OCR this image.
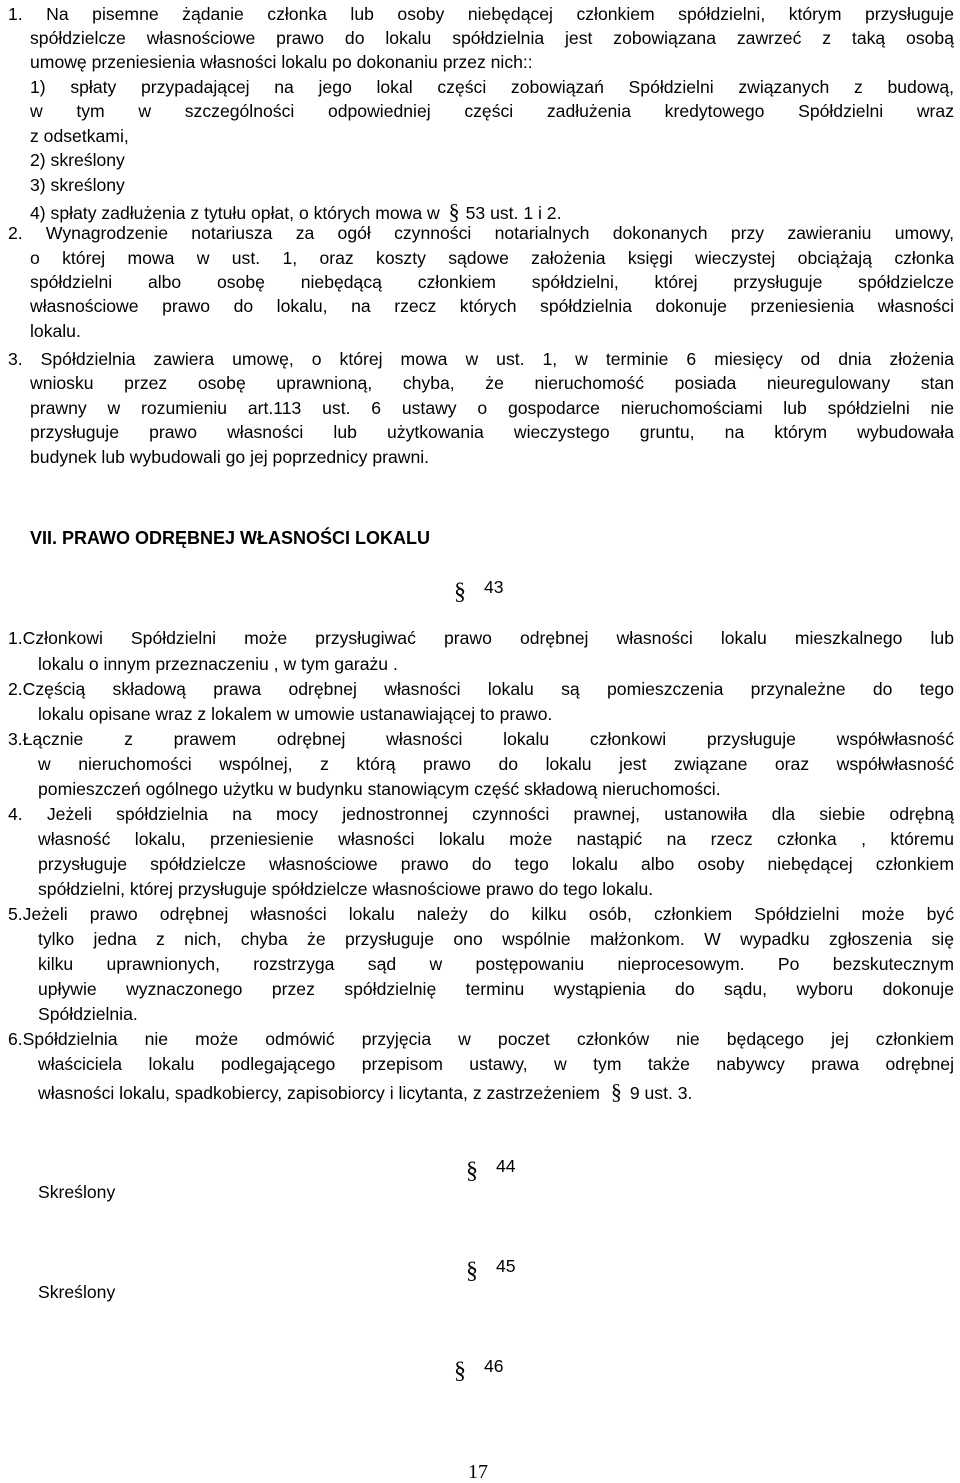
1. Na pisemne żądanie członka lub osoby niebędącej członkiem spółdzielni, którym przysługuje
spółdzielcze własnościowe prawo do lokalu spółdzielnia jest zobowiązana zawrzeć z taką osobą
umowę przeniesienia własności lokalu po dokonaniu przez nich::
1) spłaty przypadającej na jego lokal części zobowiązań Spółdzielni związanych z budową,
w tym w szczególności odpowiedniej części zadłużenia kredytowego Spółdzielni wraz
z odsetkami,
2) skreślony
3) skreślony
4) spłaty zadłużenia z tytułu opłat, o których mowa w § 53 ust. 1 i 2.
2. Wynagrodzenie notariusza za ogół czynności notarialnych dokonanych przy zawieraniu umowy,
o której mowa w ust. 1, oraz koszty sądowe założenia księgi wieczystej obciążają członka
spółdzielni albo osobę niebędącą członkiem spółdzielni, której przysługuje spółdzielcze
własnościowe prawo do lokalu, na rzecz których spółdzielnia dokonuje przeniesienia własności
lokalu.
3. Spółdzielnia zawiera umowę, o której mowa w ust. 1, w terminie 6 miesięcy od dnia złożenia
wniosku przez osobę uprawnioną, chyba, że nieruchomość posiada nieuregulowany stan
prawny w rozumieniu art.113 ust. 6 ustawy o gospodarce nieruchomościami lub spółdzielni nie
przysługuje prawo własności lub użytkowania wieczystego gruntu, na którym wybudowała
budynek lub wybudowali go jej poprzednicy prawni.
VII. PRAWO ODRĘBNEJ WŁASNOŚCI LOKALU
§ 43
1.Członkowi Spółdzielni może przysługiwać prawo odrębnej własności lokalu mieszkalnego lub
lokalu o innym przeznaczeniu , w tym garażu .
2.Częścią składową prawa odrębnej własności lokalu są pomieszczenia przynależne do tego
lokalu opisane wraz z lokalem w umowie ustanawiającej to prawo.
3.Łącznie z prawem odrębnej własności lokalu członkowi przysługuje współwłasność
w nieruchomości wspólnej, z którą prawo do lokalu jest związane oraz współwłasność
pomieszczeń ogólnego użytku w budynku stanowiącym część składową nieruchomości.
4. Jeżeli spółdzielnia na mocy jednostronnej czynności prawnej, ustanowiła dla siebie odrębną
własność lokalu, przeniesienie własności lokalu może nastąpić na rzecz członka , któremu
przysługuje spółdzielcze własnościowe prawo do tego lokalu albo osoby niebędącej członkiem
spółdzielni, której przysługuje spółdzielcze własnościowe prawo do tego lokalu.
5.Jeżeli prawo odrębnej własności lokalu należy do kilku osób, członkiem Spółdzielni może być
tylko jedna z nich, chyba że przysługuje ono wspólnie małżonkom. W wypadku zgłoszenia się
kilku uprawnionych, rozstrzyga sąd w postępowaniu nieprocesowym. Po bezskutecznym
upływie wyznaczonego przez spółdzielnię terminu wystąpienia do sądu, wyboru dokonuje
Spółdzielnia.
6.Spółdzielnia nie może odmówić przyjęcia w poczet członków nie będącego jej członkiem
właściciela lokalu podlegającego przepisom ustawy, w tym także nabywcy prawa odrębnej
własności lokalu, spadkobiercy, zapisobiorcy i licytanta, z zastrzeżeniem § 9 ust. 3.
§ 44
Skreślony
§ 45
Skreślony
§ 46
17
